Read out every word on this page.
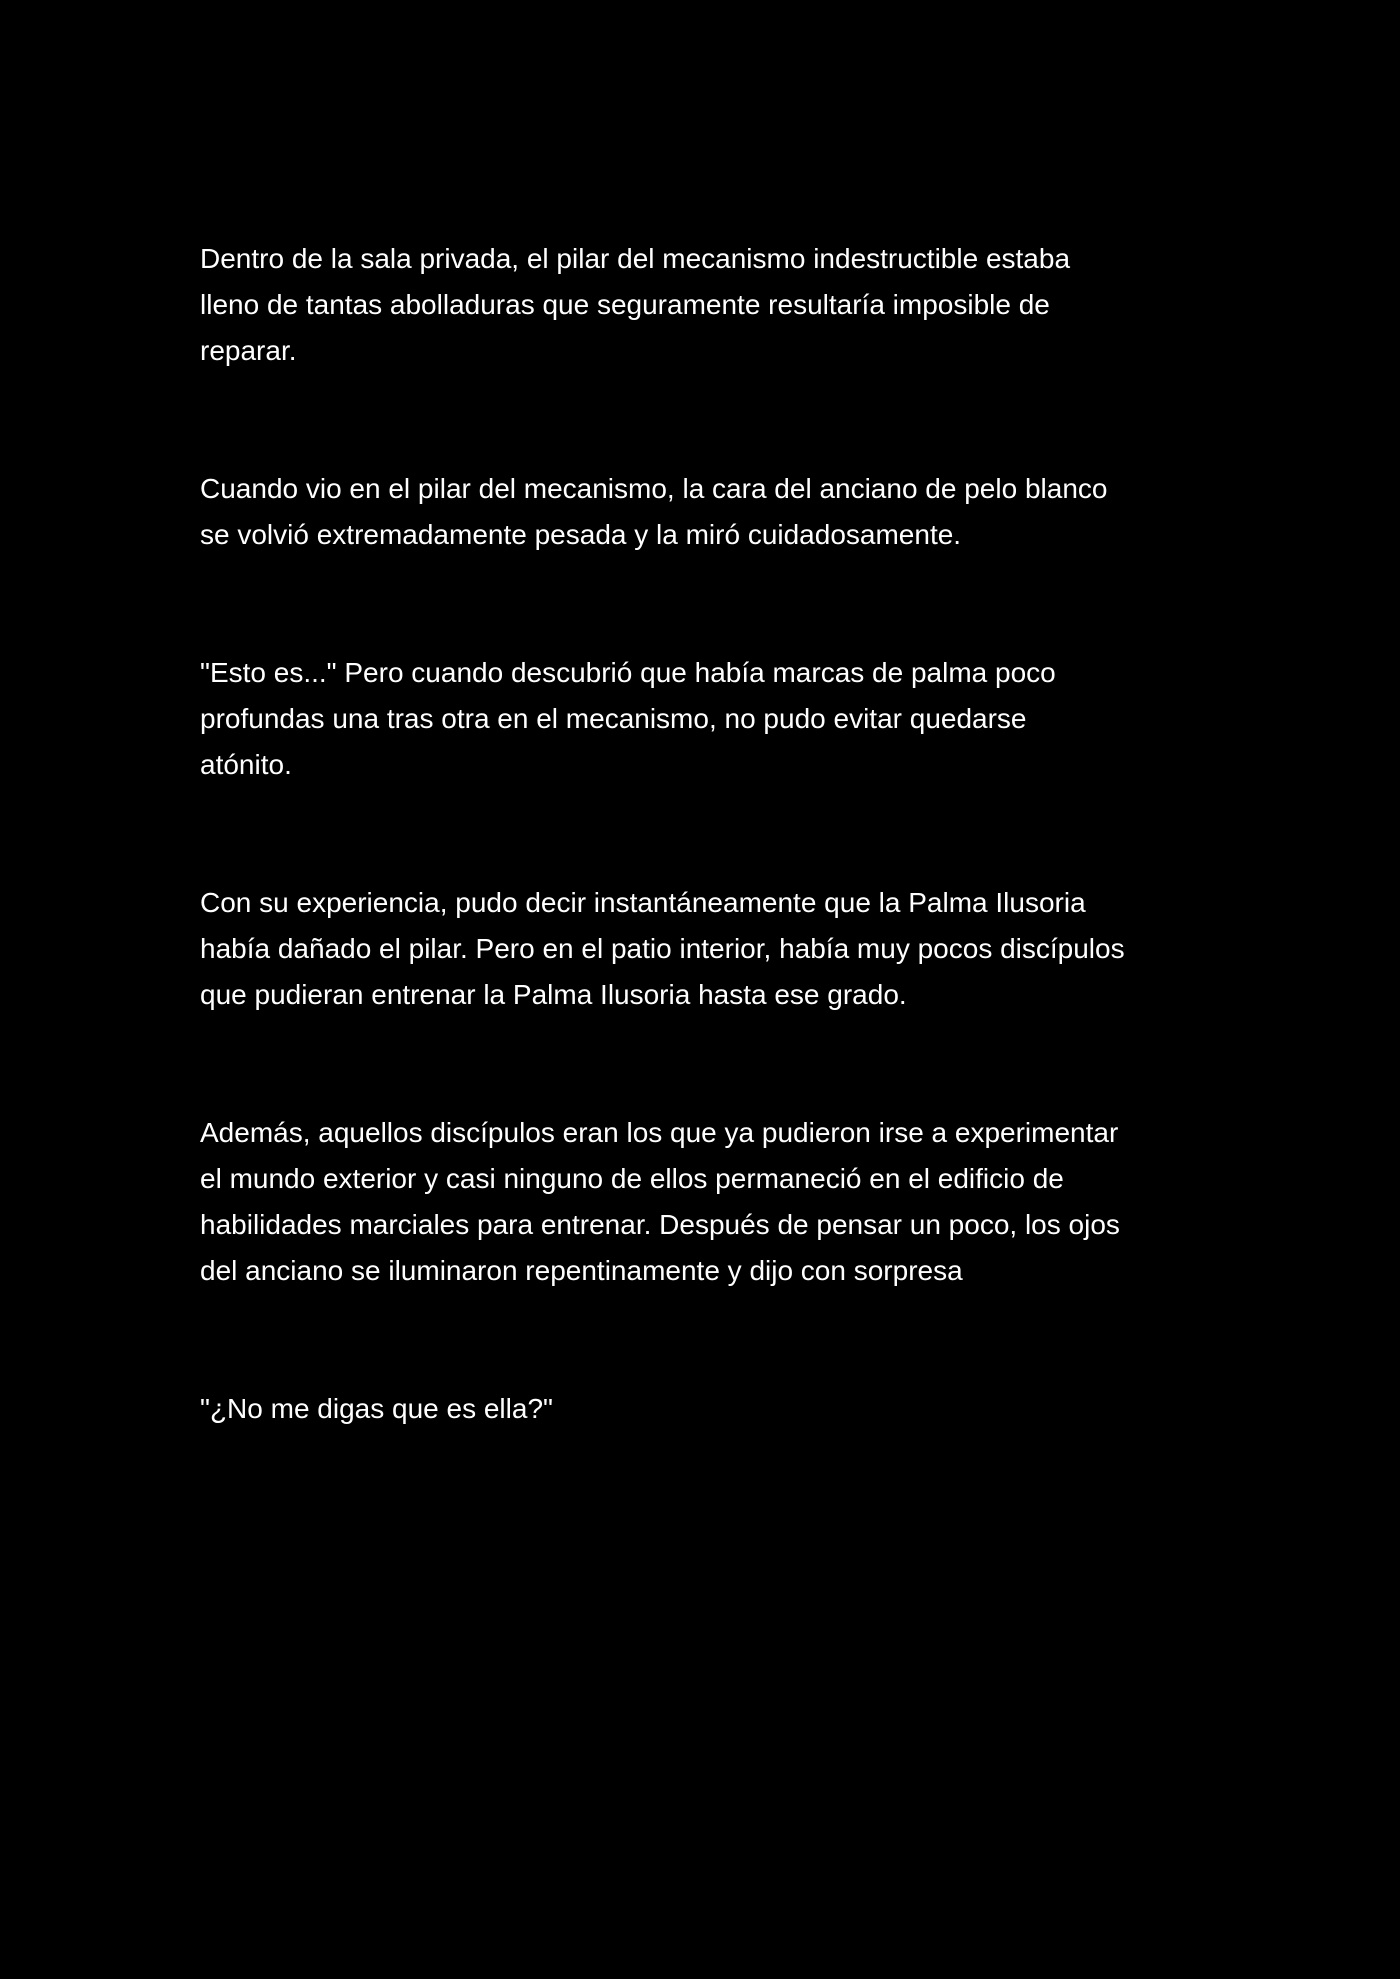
Dentro de la sala privada, el pilar del mecanismo indestructible estaba
lleno de tantas abolladuras que seguramente resultaría imposible de
reparar.

Cuando vio en el pilar del mecanismo, la cara del anciano de pelo blanco
se volvió extremadamente pesada y la miró cuidadosamente.

"Esto es..." Pero cuando descubrió que había marcas de palma poco
profundas una tras otra en el mecanismo, no pudo evitar quedarse
atónito.

Con su experiencia, pudo decir instantáneamente que la Palma Ilusoria
había dañado el pilar. Pero en el patio interior, había muy pocos discípulos
que pudieran entrenar la Palma Ilusoria hasta ese grado.

Además, aquellos discípulos eran los que ya pudieron irse a experimentar
el mundo exterior y casi ninguno de ellos permaneció en el edificio de
habilidades marciales para entrenar. Después de pensar un poco, los ojos
del anciano se iluminaron repentinamente y dijo con sorpresa

"¿No me digas que es ella?"
